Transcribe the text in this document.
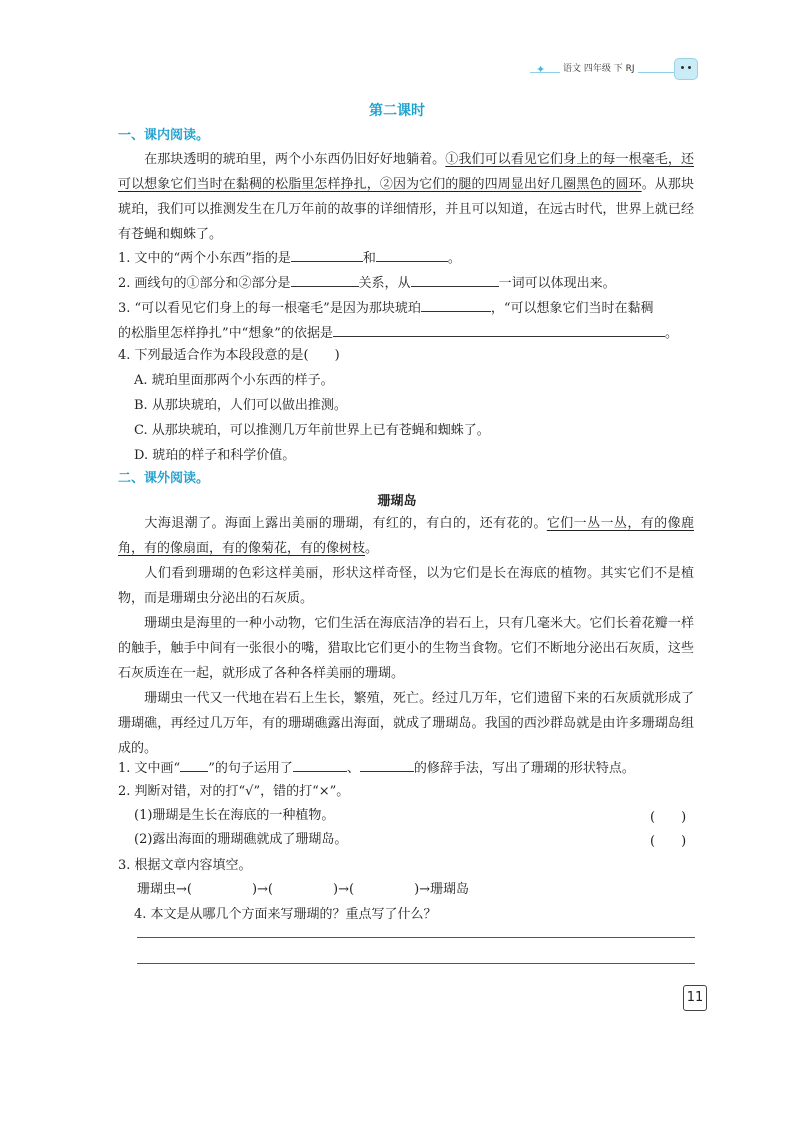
✦	语文 四年级 下 RJ
第二课时
一、课内阅读。
在那块透明的琥珀里，两个小东西仍旧好好地躺着。①我们可以看见它们身上的每一根毫毛，还可以想象它们当时在黏稠的松脂里怎样挣扎，②因为它们的腿的四周显出好几圈黑色的圆环。从那块琥珀，我们可以推测发生在几万年前的故事的详细情形，并且可以知道，在远古时代，世界上就已经有苍蝇和蜘蛛了。
1. 文中的“两个小东西”指的是	和	。
2. 画线句的①部分和②部分是	关系，从	一词可以体现出来。
3. “可以看见它们身上的每一根毫毛”是因为那块琥珀	，“可以想象它们当时在黏稠
的松脂里怎样挣扎”中“想象”的依据是	。
4. 下列最适合作为本段段意的是(　　)
A. 琥珀里面那两个小东西的样子。
B. 从那块琥珀，人们可以做出推测。
C. 从那块琥珀，可以推测几万年前世界上已有苍蝇和蜘蛛了。
D. 琥珀的样子和科学价值。
二、课外阅读。
珊瑚岛
大海退潮了。海面上露出美丽的珊瑚，有红的，有白的，还有花的。它们一丛一丛，有的像鹿角，有的像扇面，有的像菊花，有的像树枝。
人们看到珊瑚的色彩这样美丽，形状这样奇怪，以为它们是长在海底的植物。其实它们不是植物，而是珊瑚虫分泌出的石灰质。
珊瑚虫是海里的一种小动物，它们生活在海底洁净的岩石上，只有几毫米大。它们长着花瓣一样的触手，触手中间有一张很小的嘴，猎取比它们更小的生物当食物。它们不断地分泌出石灰质，这些石灰质连在一起，就形成了各种各样美丽的珊瑚。
珊瑚虫一代又一代地在岩石上生长，繁殖，死亡。经过几万年，它们遗留下来的石灰质就形成了珊瑚礁，再经过几万年，有的珊瑚礁露出海面，就成了珊瑚岛。我国的西沙群岛就是由许多珊瑚岛组成的。
1. 文中画“ ”的句子运用了	、	的修辞手法，写出了珊瑚的形状特点。
2. 判断对错，对的打“√”，错的打“×”。
(1)珊瑚是生长在海底的一种植物。	(　　)
(2)露出海面的珊瑚礁就成了珊瑚岛。	(　　)
3. 根据文章内容填空。
珊瑚虫→(	)→(	)→(	)→珊瑚岛
4. 本文是从哪几个方面来写珊瑚的？重点写了什么？
11
